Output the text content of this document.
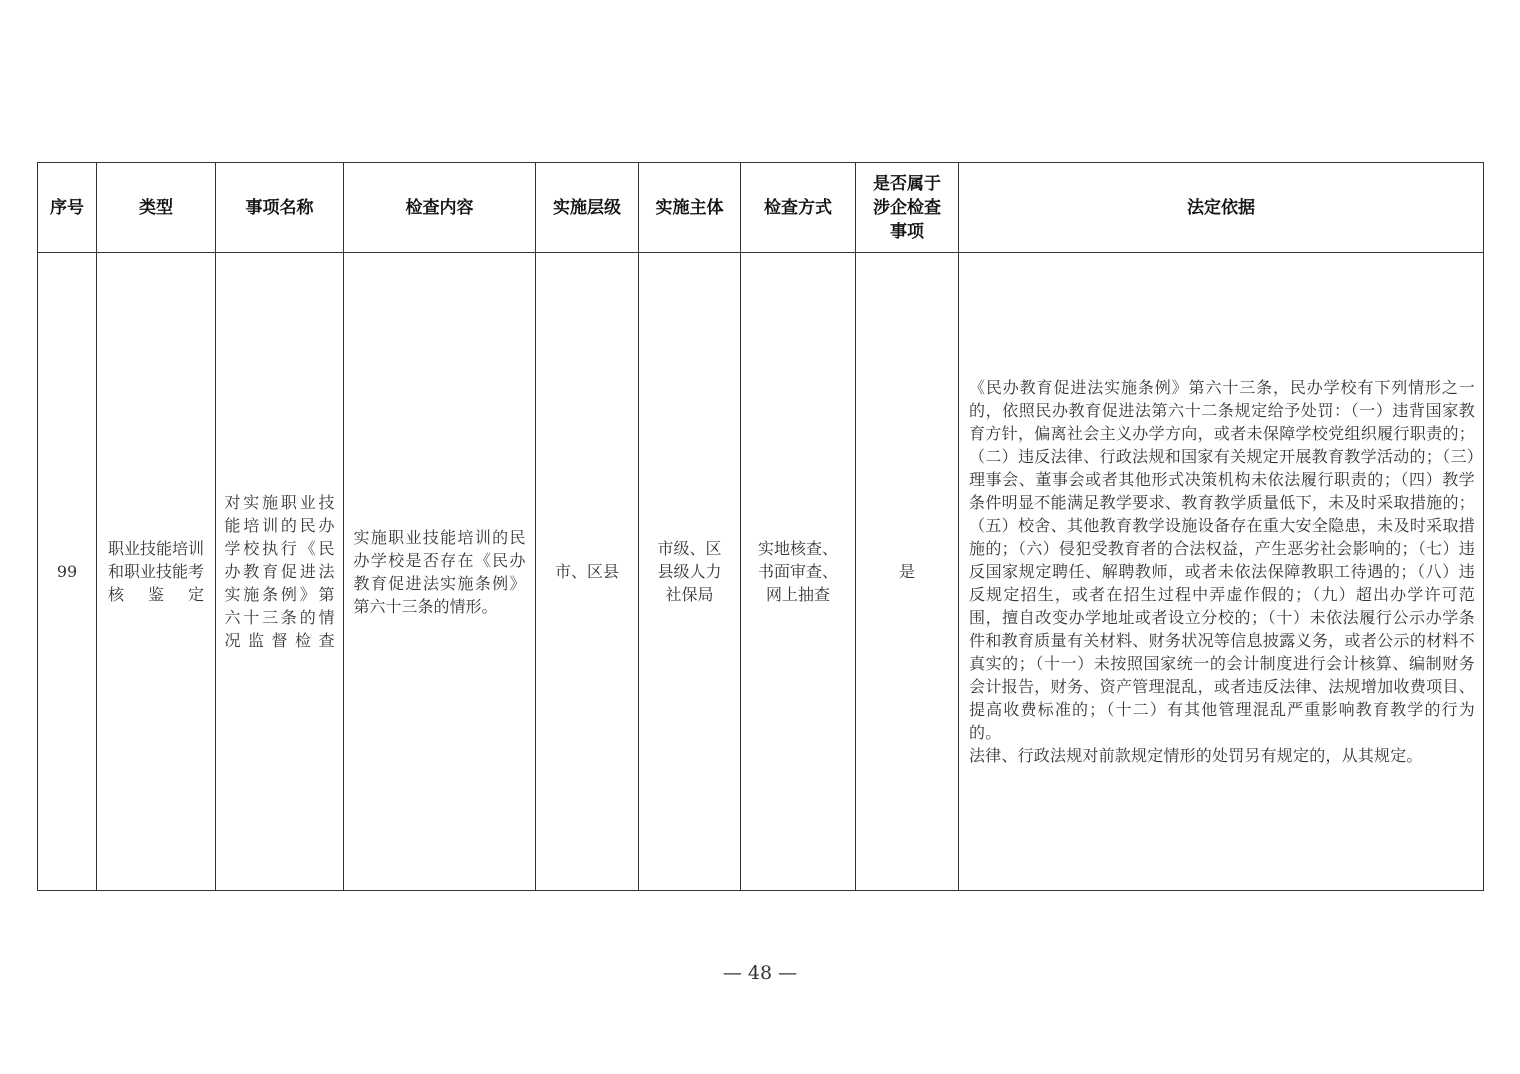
序号	类型	事项名称	检查内容	实施层级	实施主体	检查方式	是否属于涉企检查事项	法定依据
99	职业技能培训和职业技能考核鉴定	对实施职业技能培训的民办学校执行《民办教育促进法实施条例》第六十三条的情况监督检查	实施职业技能培训的民办学校是否存在《民办教育促进法实施条例》第六十三条的情形。	市、区县	市级、区县级人力社保局	实地核查、书面审查、网上抽查	是	《民办教育促进法实施条例》第六十三条，民办学校有下列情形之一的，依照民办教育促进法第六十二条规定给予处罚：（一）违背国家教育方针，偏离社会主义办学方向，或者未保障学校党组织履行职责的；（二）违反法律、行政法规和国家有关规定开展教育教学活动的；（三）理事会、董事会或者其他形式决策机构未依法履行职责的；（四）教学条件明显不能满足教学要求、教育教学质量低下，未及时采取措施的；（五）校舍、其他教育教学设施设备存在重大安全隐患，未及时采取措施的；（六）侵犯受教育者的合法权益，产生恶劣社会影响的；（七）违反国家规定聘任、解聘教师，或者未依法保障教职工待遇的；（八）违反规定招生，或者在招生过程中弄虚作假的；（九）超出办学许可范围，擅自改变办学地址或者设立分校的；（十）未依法履行公示办学条件和教育质量有关材料、财务状况等信息披露义务，或者公示的材料不真实的；（十一）未按照国家统一的会计制度进行会计核算、编制财务会计报告，财务、资产管理混乱，或者违反法律、法规增加收费项目、提高收费标准的；（十二）有其他管理混乱严重影响教育教学的行为的。

法律、行政法规对前款规定情形的处罚另有规定的，从其规定。

— 48 —
